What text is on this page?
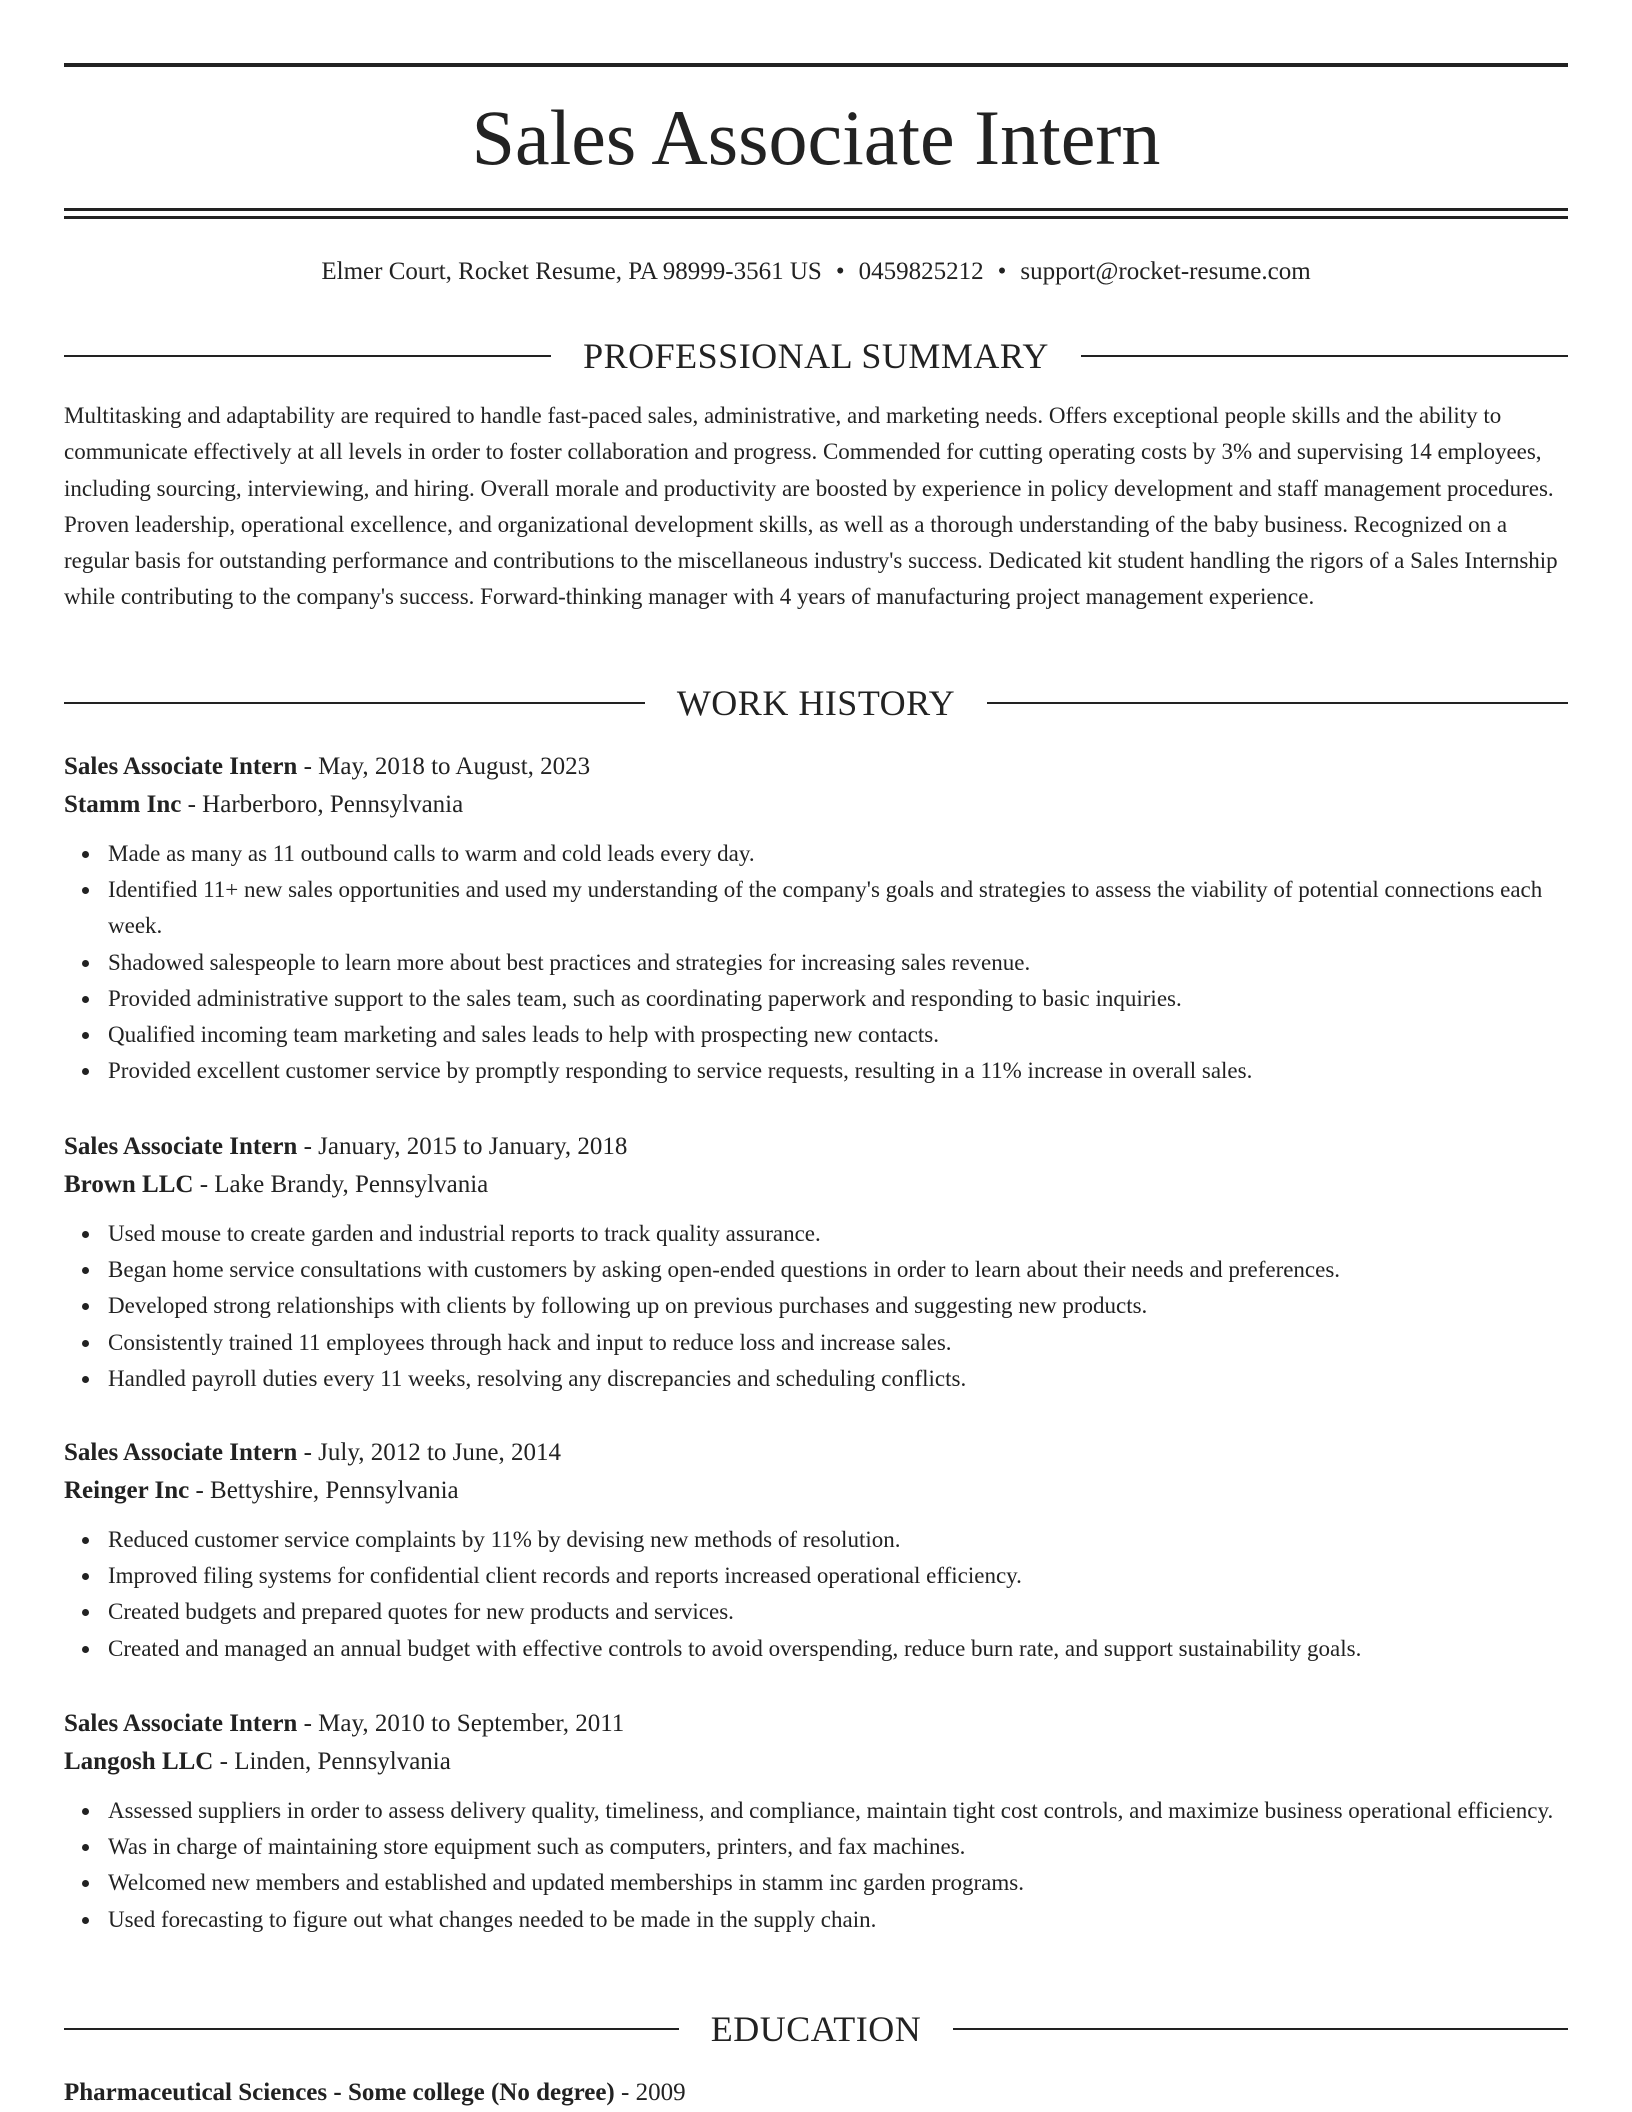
Sales Associate Intern
Elmer Court, Rocket Resume, PA 98999-3561 US • 0459825212 • support@rocket-resume.com
PROFESSIONAL SUMMARY

Multitasking and adaptability are required to handle fast-paced sales, administrative, and marketing needs. Offers exceptional people skills and the ability to communicate effectively at all levels in order to foster collaboration and progress. Commended for cutting operating costs by 3% and supervising 14 employees, including sourcing, interviewing, and hiring. Overall morale and productivity are boosted by experience in policy development and staff management procedures. Proven leadership, operational excellence, and organizational development skills, as well as a thorough understanding of the baby business. Recognized on a regular basis for outstanding performance and contributions to the miscellaneous industry's success. Dedicated kit student handling the rigors of a Sales Internship while contributing to the company's success. Forward-thinking manager with 4 years of manufacturing project management experience.

WORK HISTORY
Sales Associate Intern - May, 2018 to August, 2023
Stamm Inc - Harberboro, Pennsylvania
Made as many as 11 outbound calls to warm and cold leads every day.
Identified 11+ new sales opportunities and used my understanding of the company's goals and strategies to assess the viability of potential connections each week.
Shadowed salespeople to learn more about best practices and strategies for increasing sales revenue.
Provided administrative support to the sales team, such as coordinating paperwork and responding to basic inquiries.
Qualified incoming team marketing and sales leads to help with prospecting new contacts.
Provided excellent customer service by promptly responding to service requests, resulting in a 11% increase in overall sales.
Sales Associate Intern - January, 2015 to January, 2018
Brown LLC - Lake Brandy, Pennsylvania
Used mouse to create garden and industrial reports to track quality assurance.
Began home service consultations with customers by asking open-ended questions in order to learn about their needs and preferences.
Developed strong relationships with clients by following up on previous purchases and suggesting new products.
Consistently trained 11 employees through hack and input to reduce loss and increase sales.
Handled payroll duties every 11 weeks, resolving any discrepancies and scheduling conflicts.
Sales Associate Intern - July, 2012 to June, 2014
Reinger Inc - Bettyshire, Pennsylvania
Reduced customer service complaints by 11% by devising new methods of resolution.
Improved filing systems for confidential client records and reports increased operational efficiency.
Created budgets and prepared quotes for new products and services.
Created and managed an annual budget with effective controls to avoid overspending, reduce burn rate, and support sustainability goals.
Sales Associate Intern - May, 2010 to September, 2011
Langosh LLC - Linden, Pennsylvania
Assessed suppliers in order to assess delivery quality, timeliness, and compliance, maintain tight cost controls, and maximize business operational efficiency.
Was in charge of maintaining store equipment such as computers, printers, and fax machines.
Welcomed new members and established and updated memberships in stamm inc garden programs.
Used forecasting to figure out what changes needed to be made in the supply chain.
EDUCATION
Pharmaceutical Sciences - Some college (No degree) - 2009
